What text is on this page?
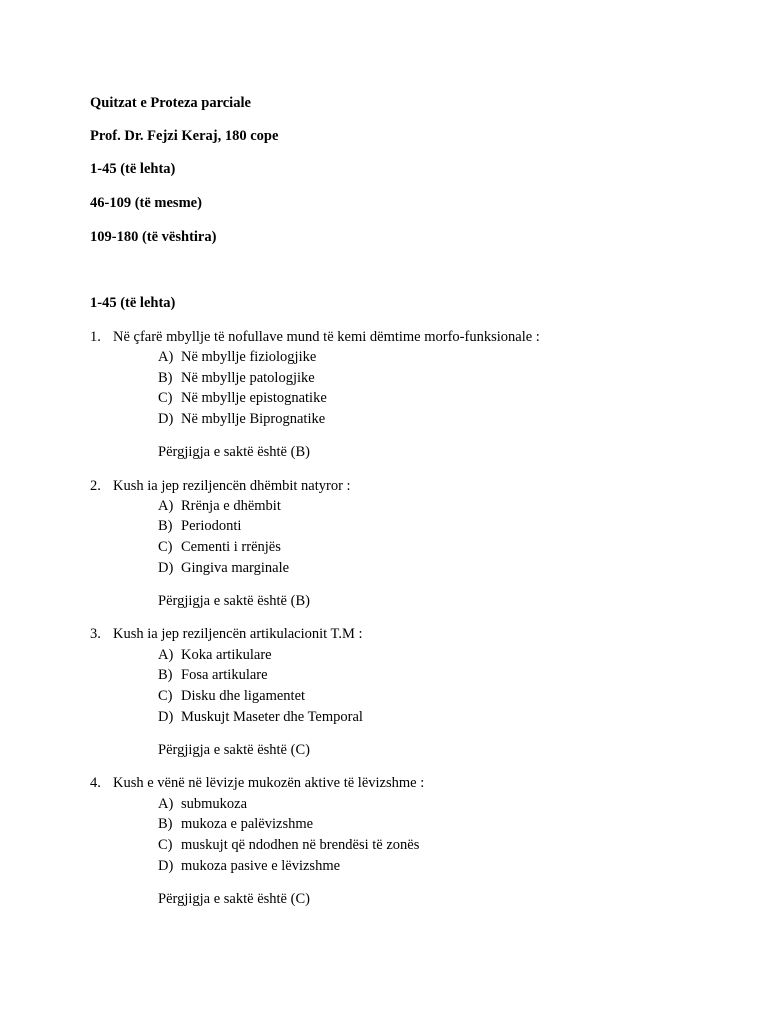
Quitzat e Proteza parciale
Prof. Dr. Fejzi Keraj, 180 cope
1-45 (të lehta)
46-109 (të mesme)
109-180 (të vështira)
1-45 (të lehta)
1. Në çfarë mbyllje të nofullave mund të kemi dëmtime morfo-funksionale :
A) Në mbyllje fiziologjike
B) Në mbyllje patologjike
C) Në mbyllje epistognatike
D) Në mbyllje Biprognatike
Përgjigja e saktë është (B)
2. Kush ia jep reziljencën dhëmbit natyror :
A) Rrënja e dhëmbit
B) Periodonti
C) Cementi i rrënjës
D) Gingiva marginale
Përgjigja e saktë është (B)
3. Kush ia jep reziljencën artikulacionit T.M :
A) Koka artikulare
B) Fosa artikulare
C) Disku dhe ligamentet
D) Muskujt Maseter dhe Temporal
Përgjigja e saktë është (C)
4. Kush e vënë në lëvizje mukozën aktive të lëvizshme :
A) submukoza
B) mukoza e palëvizshme
C) muskujt që ndodhen në brendësi të zonës
D) mukoza pasive e lëvizshme
Përgjigja e saktë është (C)
